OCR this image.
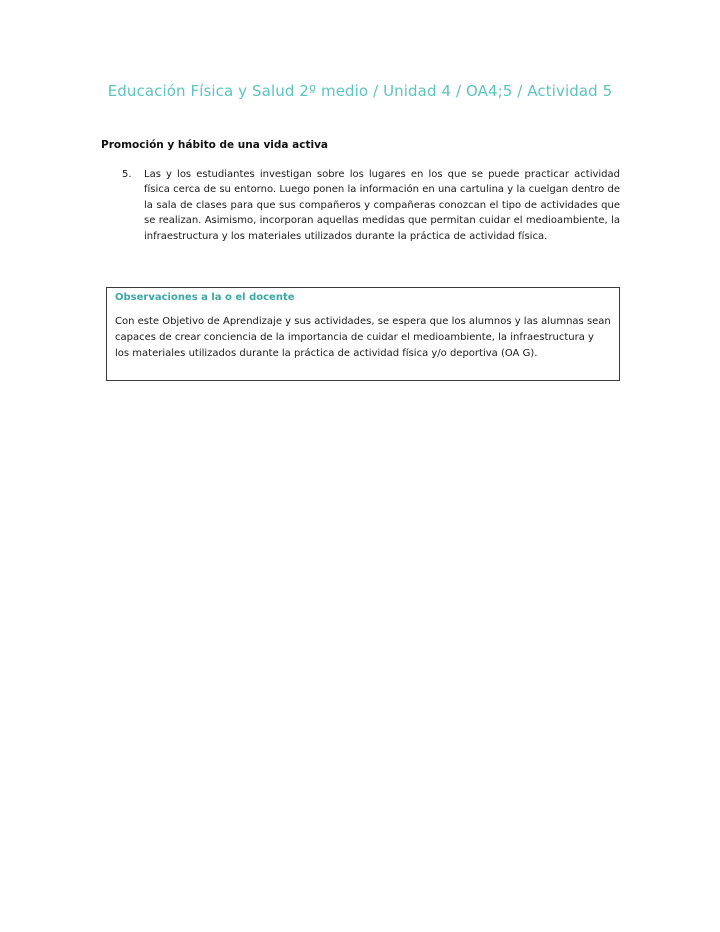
Educación Física y Salud 2º medio / Unidad 4 / OA4;5 / Actividad 5
Promoción y hábito de una vida activa
5.	Las y los estudiantes investigan sobre los lugares en los que se puede practicar actividad física cerca de su entorno. Luego ponen la información en una cartulina y la cuelgan dentro de la sala de clases para que sus compañeros y compañeras conozcan el tipo de actividades que se realizan. Asimismo, incorporan aquellas medidas que permitan cuidar el medioambiente, la infraestructura y los materiales utilizados durante la práctica de actividad física.
Observaciones a la o el docente
Con este Objetivo de Aprendizaje y sus actividades, se espera que los alumnos y las alumnas sean capaces de crear conciencia de la importancia de cuidar el medioambiente, la infraestructura y los materiales utilizados durante la práctica de actividad física y/o deportiva (OA G).
